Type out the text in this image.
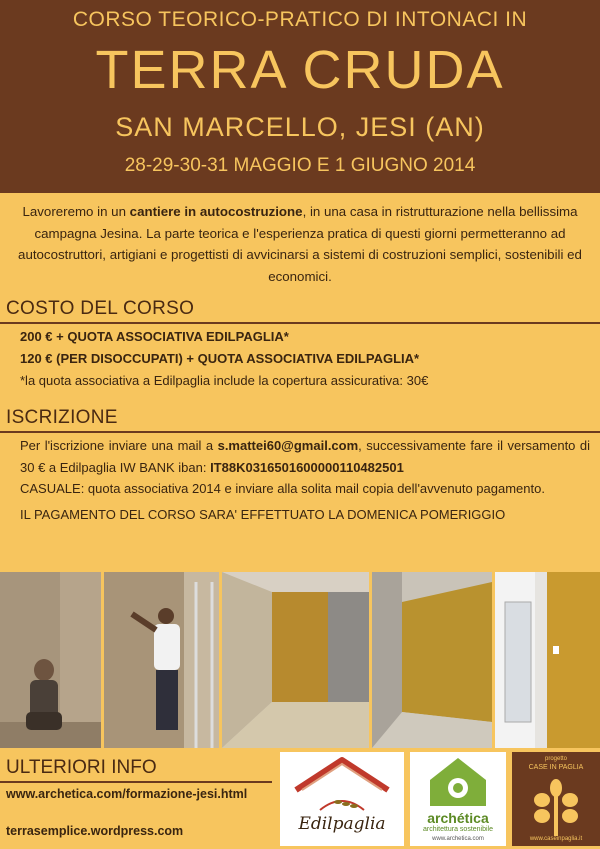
CORSO TEORICO-PRATICO DI INTONACI IN
TERRA CRUDA
SAN MARCELLO, JESI (AN)
28-29-30-31 MAGGIO E 1 GIUGNO 2014
Lavoreremo in un cantiere in autocostruzione, in una casa in ristrutturazione nella bellissima campagna Jesina. La parte teorica e l'esperienza pratica di questi giorni permetteranno ad autocostruttori, artigiani e progettisti di avvicinarsi a sistemi di costruzioni semplici, sostenibili ed economici.
COSTO DEL CORSO
200 € + QUOTA ASSOCIATIVA EDILPAGLIA*
120 € (PER DISOCCUPATI) + QUOTA ASSOCIATIVA EDILPAGLIA*
*la quota associativa a Edilpaglia include la copertura assicurativa: 30€
ISCRIZIONE
Per l'iscrizione inviare una mail a s.mattei60@gmail.com, successivamente fare il versamento di 30 € a Edilpaglia IW BANK iban: IT88K0316501600000110482501
CASUALE: quota associativa 2014 e inviare alla solita mail copia dell'avvenuto pagamento.
IL PAGAMENTO DEL CORSO SARA' EFFETTUATO LA DOMENICA POMERIGGIO
ULTERIORI INFO
www.archetica.com/formazione-jesi.html
terrasemplice.wordpress.com	Edilpaglia	archética
architettura sostenibile
www.archetica.com
progetto
CASE IN PAGLIA
www.caseinpaglia.it
